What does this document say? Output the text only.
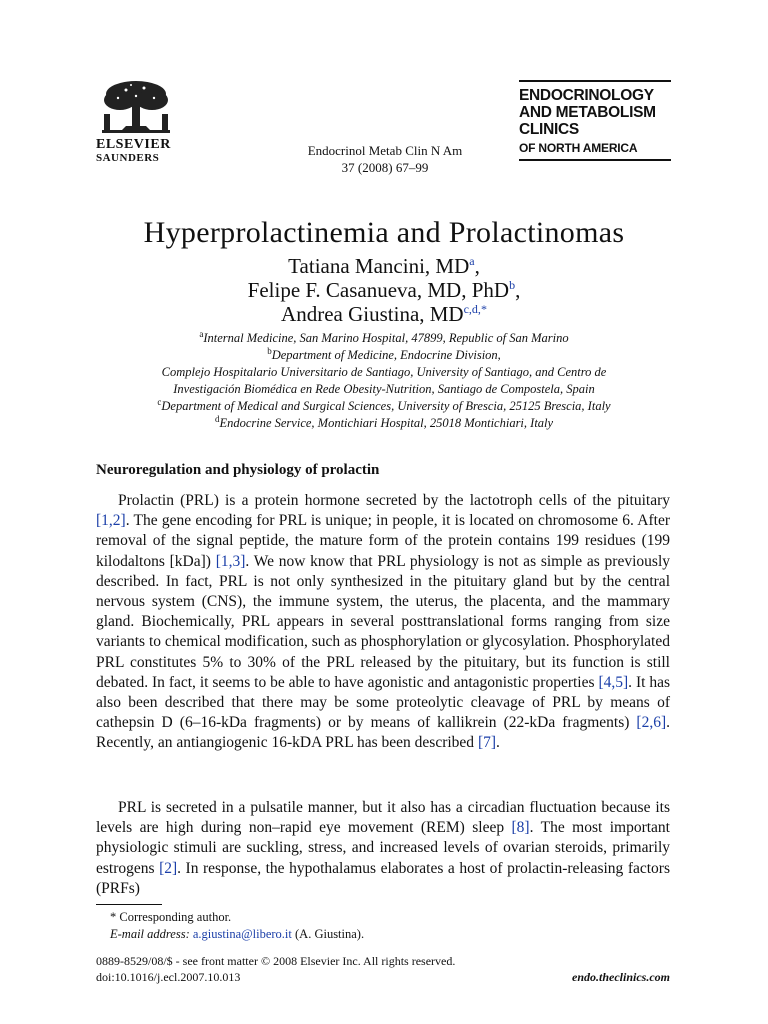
ELSEVIER
SAUNDERS	Endocrinol Metab Clin N Am
37 (2008) 67–99
ENDOCRINOLOGY
AND METABOLISM
CLINICS
OF NORTH AMERICA
Hyperprolactinemia and Prolactinomas
Tatiana Mancini, $MD^a$,
Felipe F. Casanueva, MD, PhD$^b$,
Andrea Giustina, $MD^{c,d,*}$
$^a$Internal Medicine, San Marino Hospital, 47899, Republic of San Marino
$^b$Department of Medicine, Endocrine Division,
Complejo Hospitalario Universitario de Santiago, University of Santiago, and Centro de
Investigación Biomédica en Rede Obesity-Nutrition, Santiago de Compostela, Spain
$^c$Department of Medical and Surgical Sciences, University of Brescia, 25125 Brescia, Italy
$^d$Endocrine Service, Montichiari Hospital, 25018 Montichiari, Italy
Neuroregulation and physiology of prolactin
Prolactin (PRL) is a protein hormone secreted by the lactotroph cells of the pituitary [1,2]. The gene encoding for PRL is unique; in people, it is located on chromosome 6. After removal of the signal peptide, the mature form of the protein contains 199 residues (199 kilodaltons [kDa]) [1,3]. We now know that PRL physiology is not as simple as previously described. In fact, PRL is not only synthesized in the pituitary gland but by the central nervous system (CNS), the immune system, the uterus, the placenta, and the mammary gland. Biochemically, PRL appears in several posttranslational forms ranging from size variants to chemical modification, such as phosphorylation or glycosylation. Phosphorylated PRL constitutes 5% to 30% of the PRL released by the pituitary, but its function is still debated. In fact, it seems to be able to have agonistic and antagonistic properties [4,5]. It has also been described that there may be some proteolytic cleavage of PRL by means of cathepsin D (6–16-kDa fragments) or by means of kallikrein (22-kDa fragments) [2,6]. Recently, an antiangiogenic 16-kDA PRL has been described [7].
PRL is secreted in a pulsatile manner, but it also has a circadian fluctuation because its levels are high during non–rapid eye movement (REM) sleep [8]. The most important physiologic stimuli are suckling, stress, and increased levels of ovarian steroids, primarily estrogens [2]. In response, the hypothalamus elaborates a host of prolactin-releasing factors (PRFs)
* Corresponding author.
E-mail address: a.giustina@libero.it (A. Giustina).
0889-8529/08/$ - see front matter © 2008 Elsevier Inc. All rights reserved.
doi:10.1016/j.ecl.2007.10.013	endo.theclinics.com
